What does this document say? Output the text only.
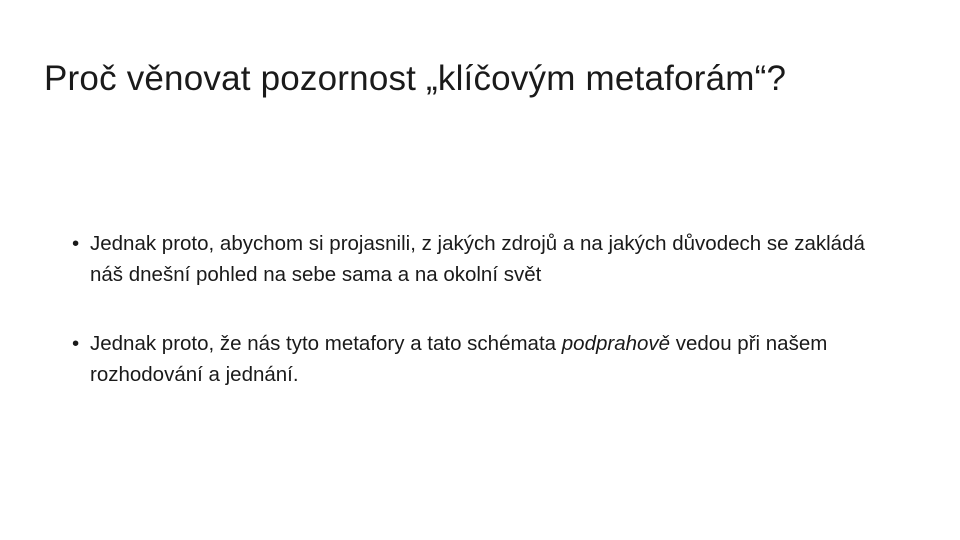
Proč věnovat pozornost „klíčovým metaforám“?
• Jednak proto, abychom si projasnili, z jakých zdrojů a na jakých důvodech se zakládá náš dnešní pohled na sebe sama a na okolní svět
• Jednak proto, že nás tyto metafory a tato schémata podprahově vedou při našem rozhodování a jednání.
